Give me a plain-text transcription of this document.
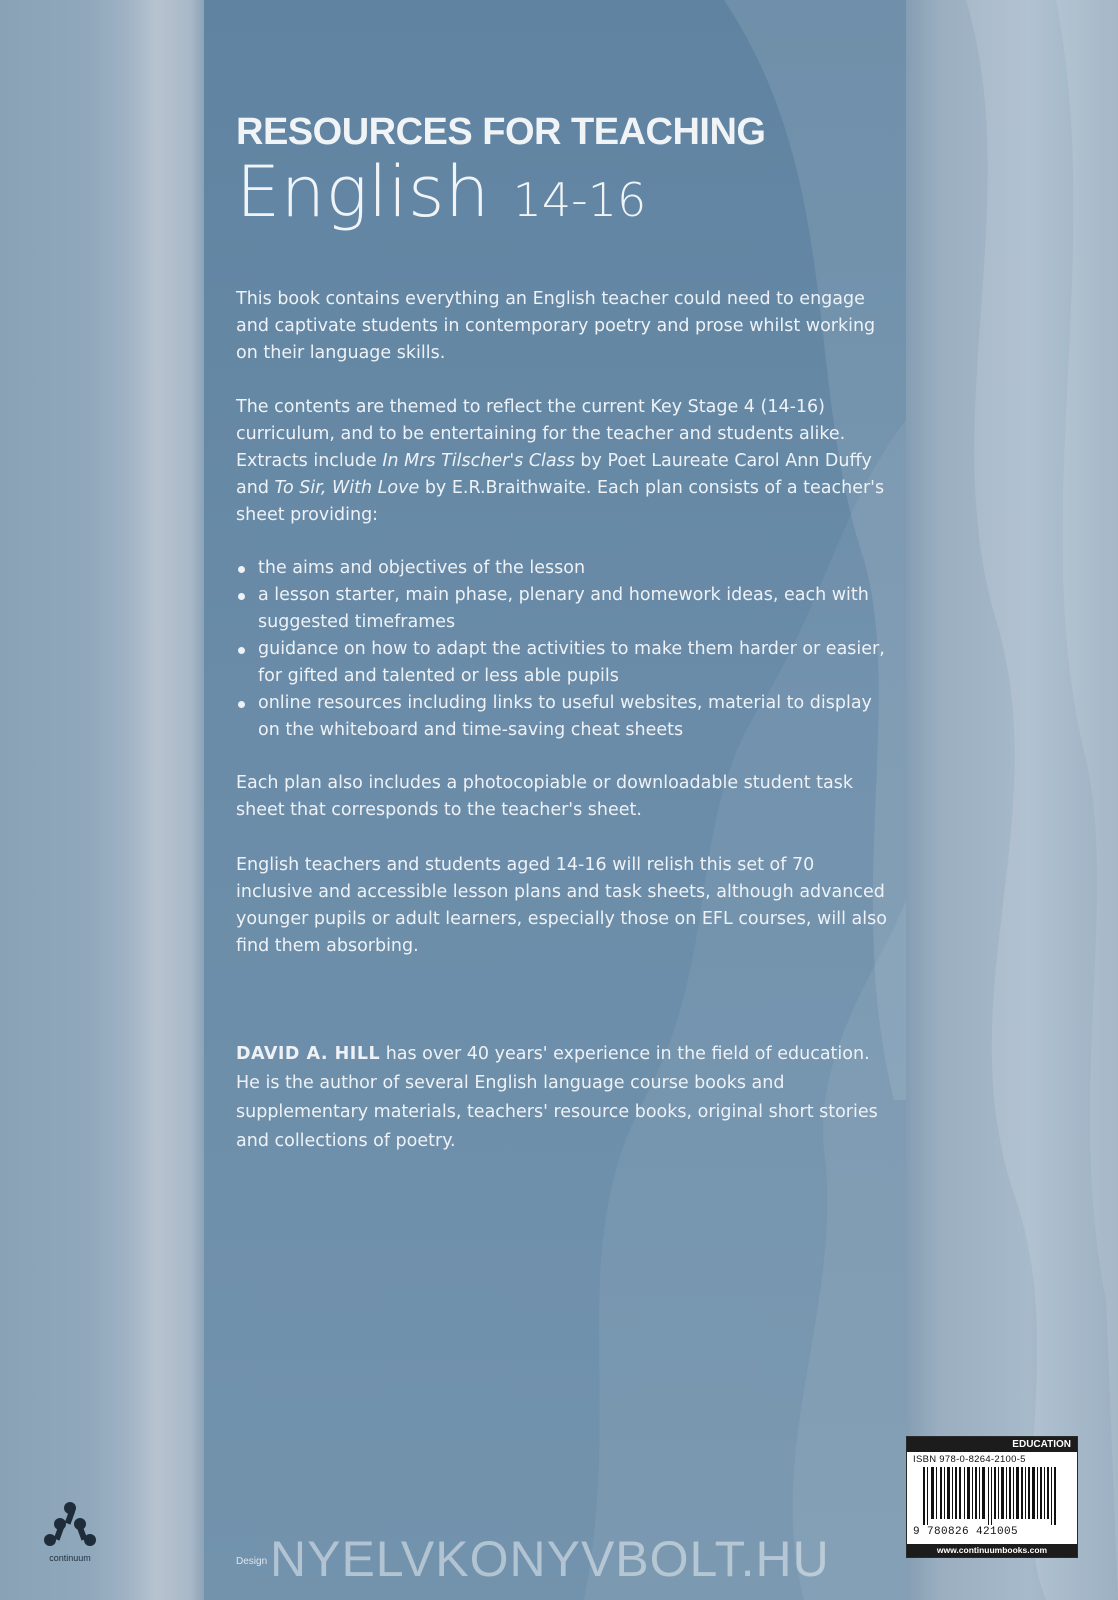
RESOURCES FOR TEACHING
English 14-16

This book contains everything an English teacher could need to engage and captivate students in contemporary poetry and prose whilst working on their language skills.

The contents are themed to reflect the current Key Stage 4 (14-16) curriculum, and to be entertaining for the teacher and students alike. Extracts include In Mrs Tilscher's Class by Poet Laureate Carol Ann Duffy and To Sir, With Love by E.R.Braithwaite. Each plan consists of a teacher's sheet providing:

the aims and objectives of the lesson
a lesson starter, main phase, plenary and homework ideas, each with suggested timeframes
guidance on how to adapt the activities to make them harder or easier, for gifted and talented or less able pupils
online resources including links to useful websites, material to display on the whiteboard and time-saving cheat sheets

Each plan also includes a photocopiable or downloadable student task sheet that corresponds to the teacher's sheet.

English teachers and students aged 14-16 will relish this set of 70 inclusive and accessible lesson plans and task sheets, although advanced younger pupils or adult learners, especially those on EFL courses, will also find them absorbing.

DAVID A. HILL has over 40 years' experience in the field of education. He is the author of several English language course books and supplementary materials, teachers' resource books, original short stories and collections of poetry.

EDUCATION
ISBN 978-0-8264-2100-5
9 780826 421005
www.continuumbooks.com
continuum	Design NYELVKONYVBOLT.HU
